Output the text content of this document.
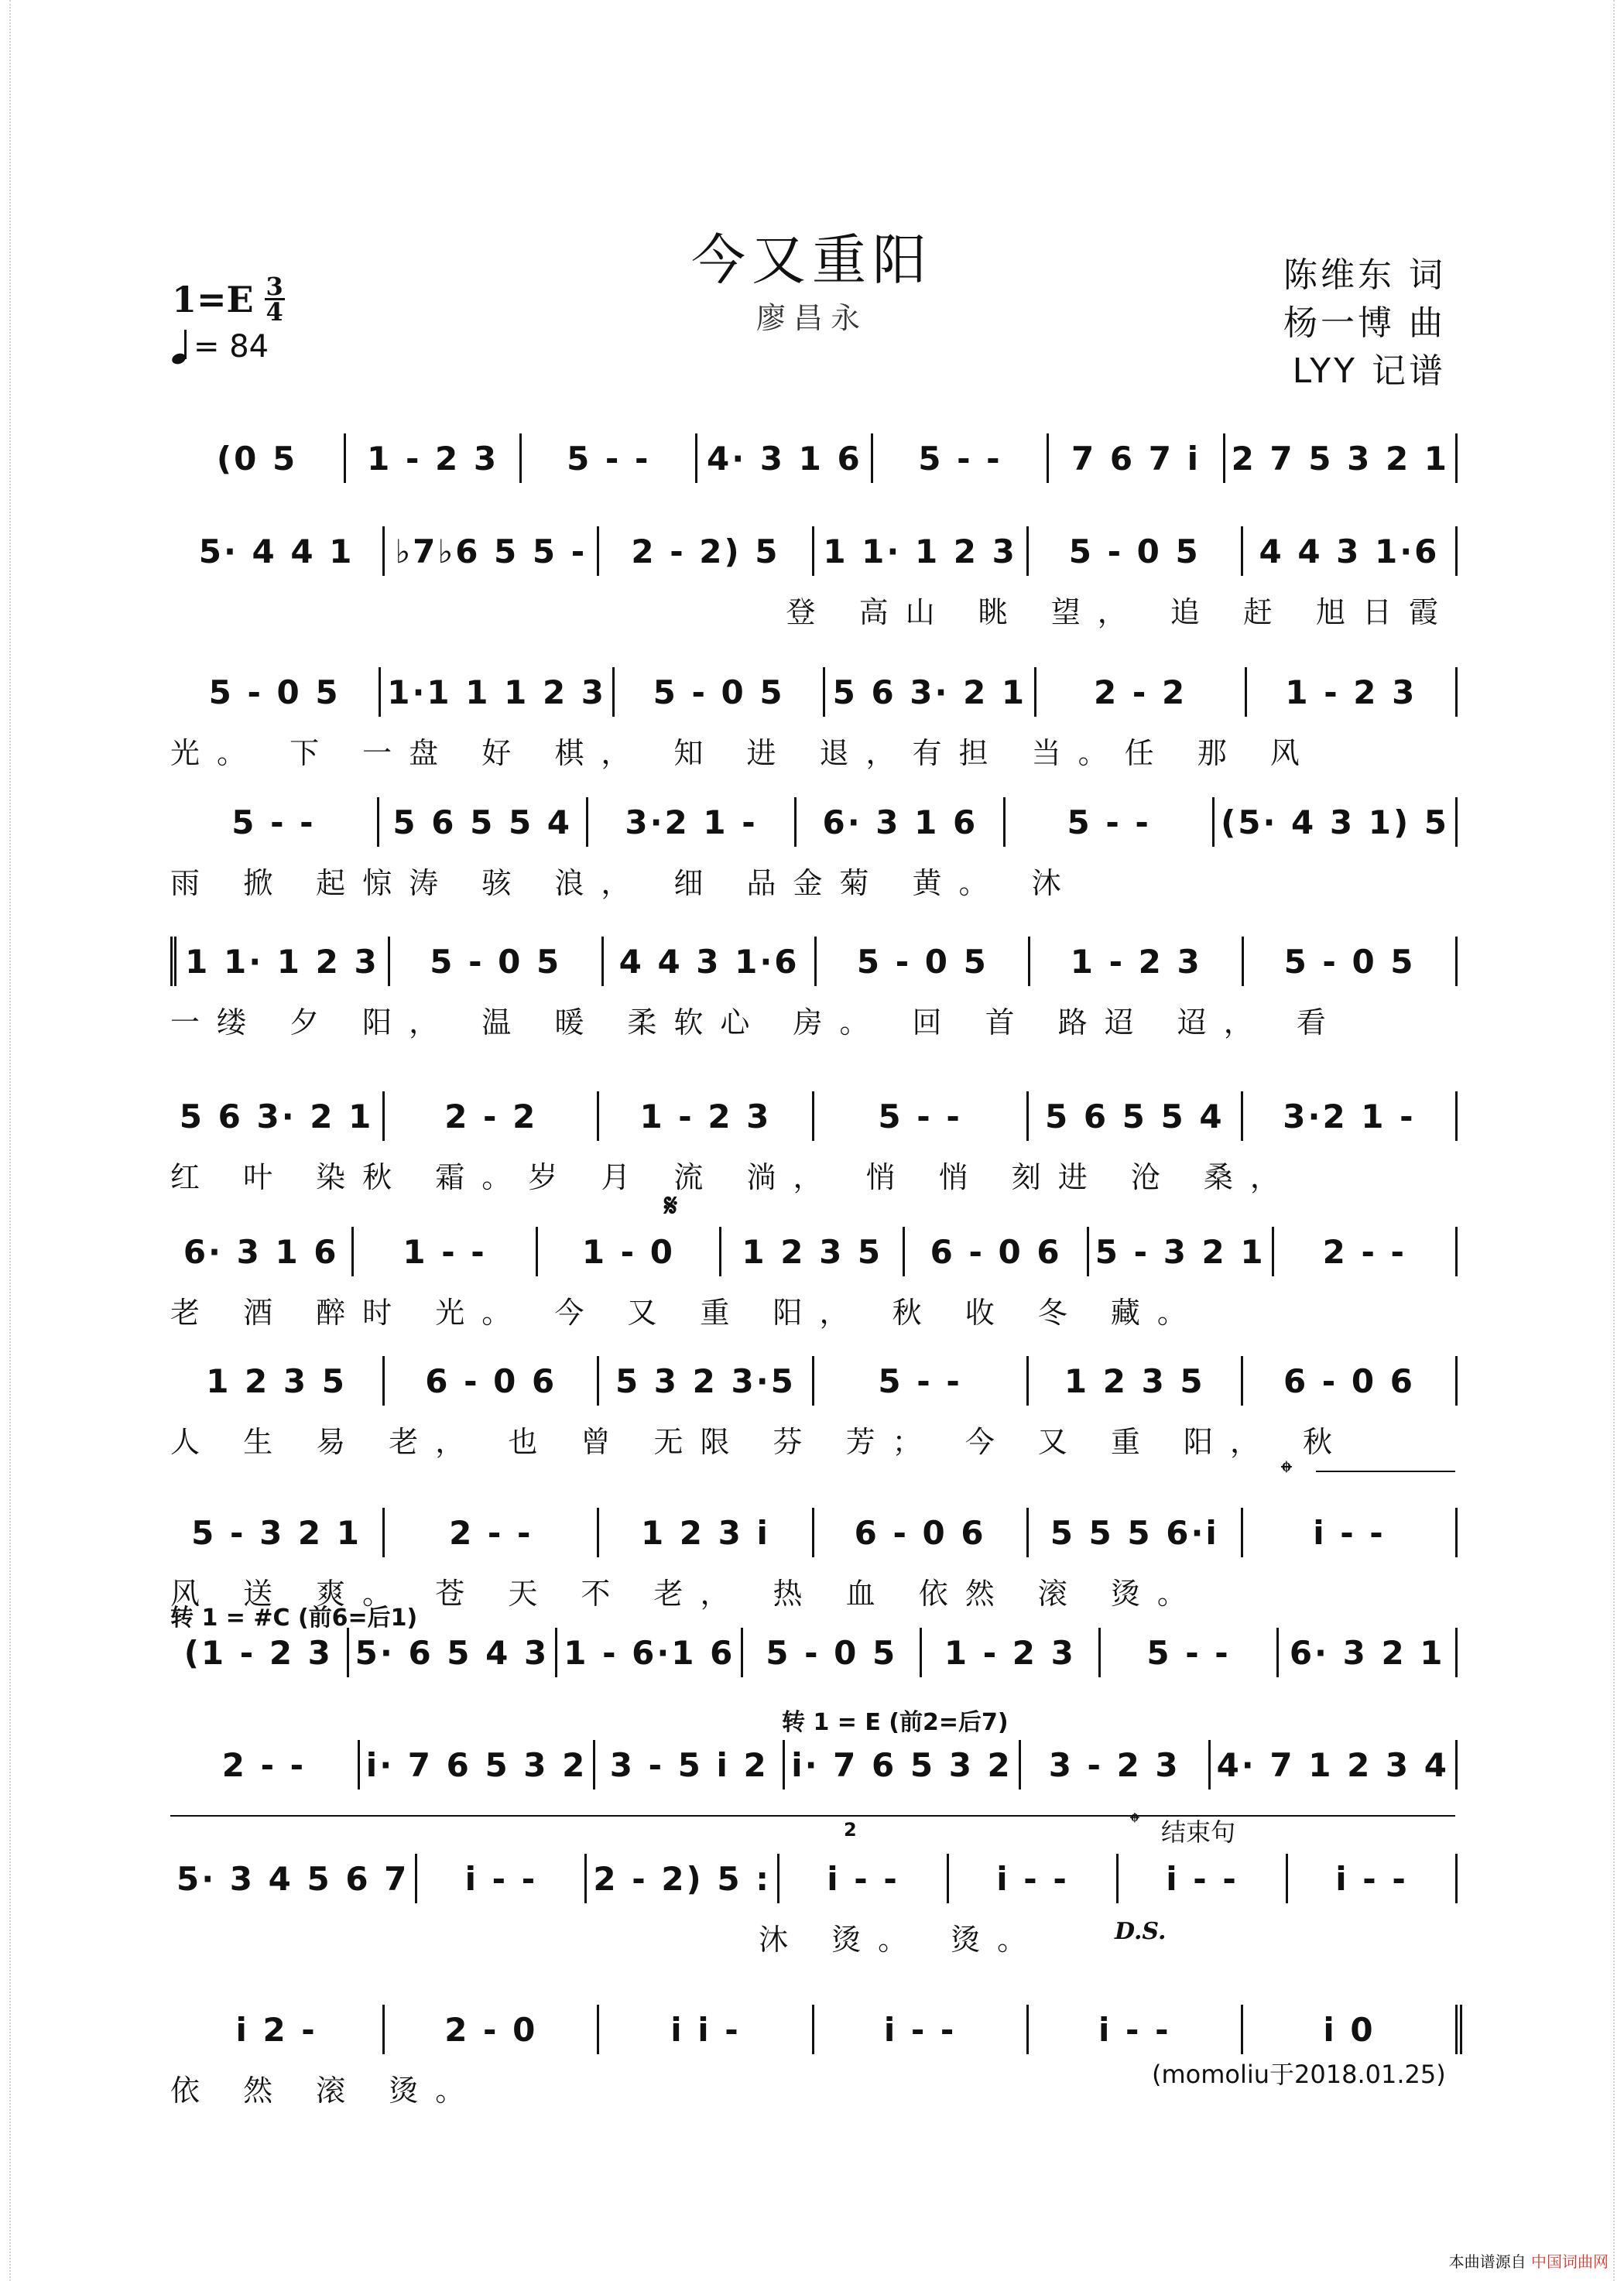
今又重阳
廖昌永
陈维东 词
杨一博 曲
LYY 记谱
$1=E \frac{3}{4}$
= 84
(0 5	1 - 2 3	5 - -	4· 3 1 6	5 - -	7 6 7 i 2 7 5 3 2 1
5· 4 4 1	♭7♭6 5 5 -	2 - 2) 5	1 1· 1 2 3	5 - 0 5	4 4 3 1·6
登 高山 眺 望， 追 赶 旭日霞
5 - 0 5	1·1 1 1 2 3	5 - 0 5	5 6 3· 2 1	2 - 2	1 - 2 3
光。 下 一盘 好 棋， 知 进 退，有担 当。任 那 风
5 - -	5 6 5 5 4	3·2 1 -	6· 3 1 6	5 - -	(5· 4 3 1) 5
雨 掀 起惊涛 骇 浪， 细 品金菊 黄。 沐
1 1· 1 2 3	5 - 0 5	4 4 3 1·6	5 - 0 5	1 - 2 3	5 - 0 5
一缕 夕 阳， 温 暖 柔软心 房。 回 首 路迢 迢， 看
5 6 3· 2 1	2 - 2	1 - 2 3	5 - -	5 6 5 5 4	3·2 1 -
红 叶 染秋 霜。岁 月 流 淌， 悄 悄 刻进 沧 桑，
𝄋
6· 3 1 6	1 - -	1 - 0	1 2 3 5	6 - 0 6	5 - 3 2 1	2 - -
老 酒 醉时 光。 今 又 重 阳， 秋 收 冬 藏。
1 2 3 5	6 - 0 6	5 3 2 3·5	5 - -	1 2 3 5	6 - 0 6
人 生 易 老， 也 曾 无限 芬 芳； 今 又 重 阳， 秋
𝄌
5 - 3 2 1	2 - -	1 2 3 i	6 - 0 6	5 5 5 6·i	i - -
风 送 爽。 苍 天 不 老， 热 血 依然 滚 烫。
转 1 = #C (前6=后1)
(1 - 2 3 5· 6 5 4 3 1 - 6·1 6 5 - 0 5	1 - 2 3	5 - -	6· 3 2 1
转 1 = E (前2=后7)
2 - -	i· 7 6 5 3 2 3 - 5 i 2 i· 7 6 5 3 2	3 - 2 3	4· 7 1 2 3 4
2	𝄌 结束句
5· 3 4 5 6 7	i - -	2 - 2) 5 :	i - -	i - -	i - -	i - -
沐 烫。 烫。	D.S.
i 2 -	2 - 0	i i -	i - -	i - -	i 0
依 然 滚 烫。	(momoliu于2018.01.25)
本曲谱源自 中国词曲网
